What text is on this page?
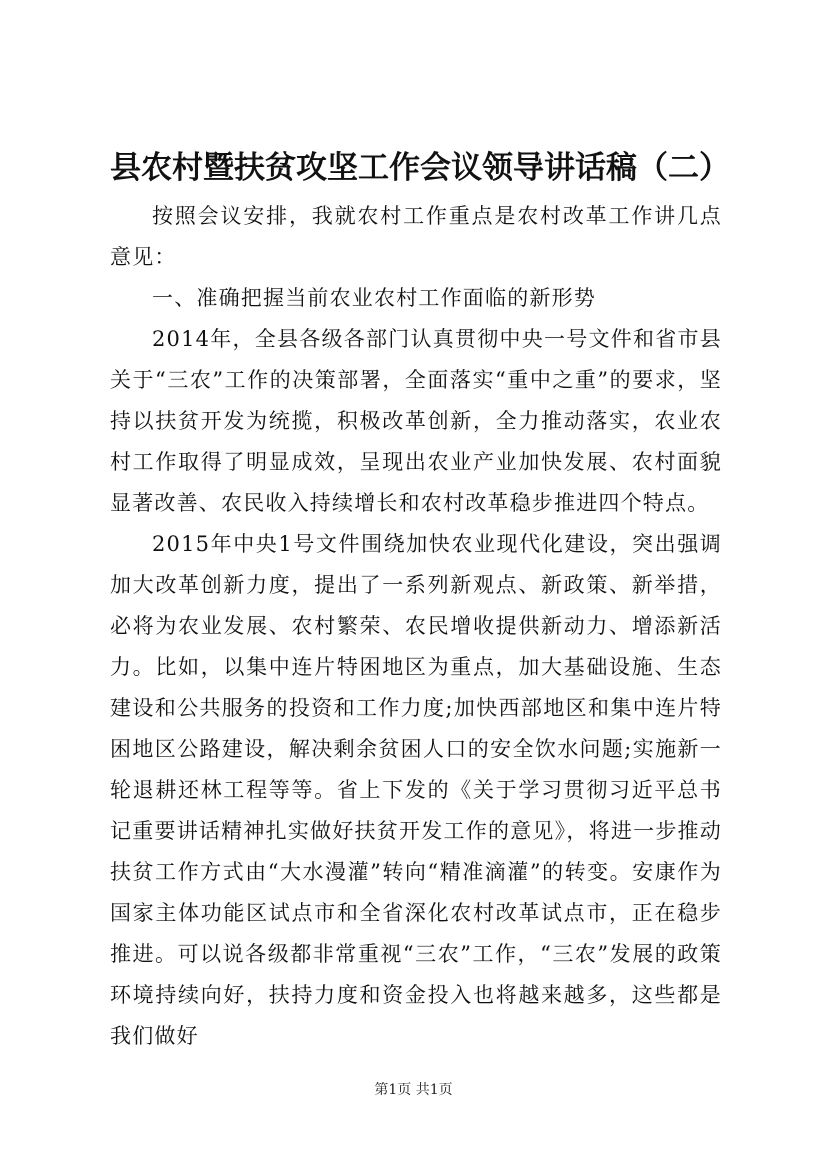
县农村暨扶贫攻坚工作会议领导讲话稿（二）

按照会议安排，我就农村工作重点是农村改革工作讲几点意见：

一、准确把握当前农业农村工作面临的新形势

2014年，全县各级各部门认真贯彻中央一号文件和省市县关于“三农”工作的决策部署，全面落实“重中之重”的要求，坚持以扶贫开发为统揽，积极改革创新，全力推动落实，农业农村工作取得了明显成效，呈现出农业产业加快发展、农村面貌显著改善、农民收入持续增长和农村改革稳步推进四个特点。

2015年中央1号文件围绕加快农业现代化建设，突出强调加大改革创新力度，提出了一系列新观点、新政策、新举措，必将为农业发展、农村繁荣、农民增收提供新动力、增添新活力。比如，以集中连片特困地区为重点，加大基础设施、生态建设和公共服务的投资和工作力度;加快西部地区和集中连片特困地区公路建设，解决剩余贫困人口的安全饮水问题;实施新一轮退耕还林工程等等。省上下发的《关于学习贯彻习近平总书记重要讲话精神扎实做好扶贫开发工作的意见》，将进一步推动扶贫工作方式由“大水漫灌”转向“精准滴灌”的转变。安康作为国家主体功能区试点市和全省深化农村改革试点市，正在稳步推进。可以说各级都非常重视“三农”工作，“三农”发展的政策环境持续向好，扶持力度和资金投入也将越来越多，这些都是我们做好

第1页 共1页
